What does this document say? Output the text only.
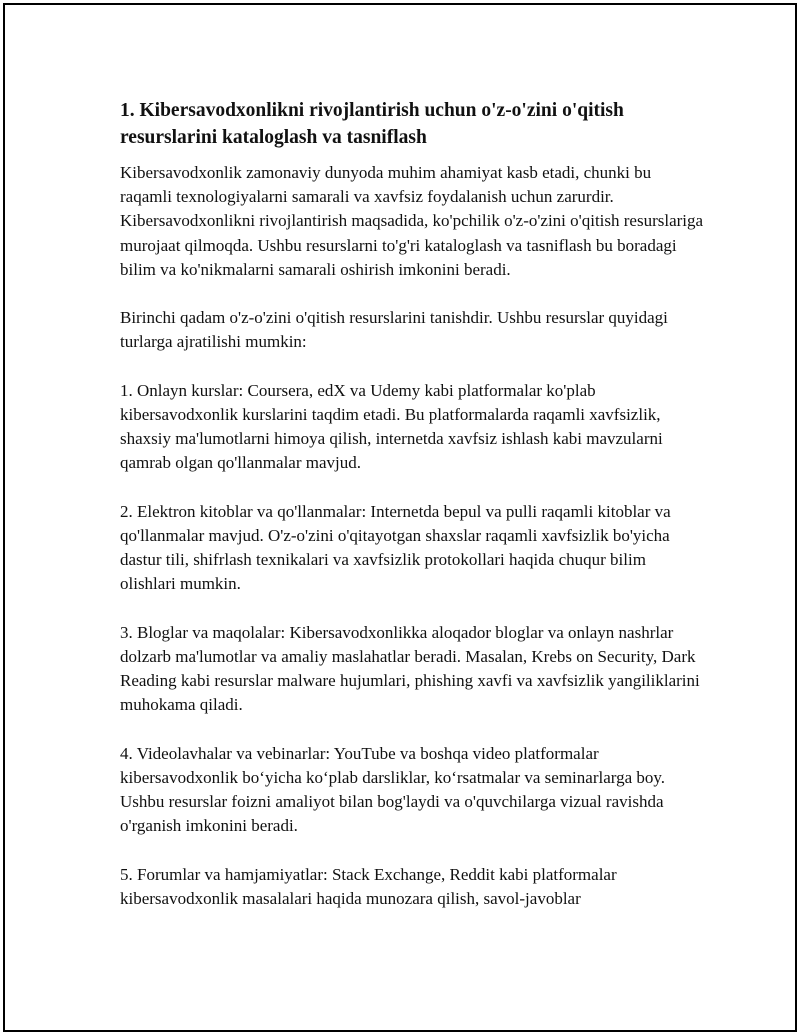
1. Kibersavodxonlikni rivojlantirish uchun o'z-o'zini o'qitish resurslarini kataloglash va tasniflash

Kibersavodxonlik zamonaviy dunyoda muhim ahamiyat kasb etadi, chunki bu raqamli texnologiyalarni samarali va xavfsiz foydalanish uchun zarurdir. Kibersavodxonlikni rivojlantirish maqsadida, ko'pchilik o'z-o'zini o'qitish resurslariga murojaat qilmoqda. Ushbu resurslarni to'g'ri kataloglash va tasniflash bu boradagi bilim va ko'nikmalarni samarali oshirish imkonini beradi.

Birinchi qadam o'z-o'zini o'qitish resurslarini tanishdir. Ushbu resurslar quyidagi turlarga ajratilishi mumkin:

1. Onlayn kurslar: Coursera, edX va Udemy kabi platformalar ko'plab kibersavodxonlik kurslarini taqdim etadi. Bu platformalarda raqamli xavfsizlik, shaxsiy ma'lumotlarni himoya qilish, internetda xavfsiz ishlash kabi mavzularni qamrab olgan qo'llanmalar mavjud.

2. Elektron kitoblar va qo'llanmalar: Internetda bepul va pulli raqamli kitoblar va qo'llanmalar mavjud. O'z-o'zini o'qitayotgan shaxslar raqamli xavfsizlik bo'yicha dastur tili, shifrlash texnikalari va xavfsizlik protokollari haqida chuqur bilim olishlari mumkin.

3. Bloglar va maqolalar: Kibersavodxonlikka aloqador bloglar va onlayn nashrlar dolzarb ma'lumotlar va amaliy maslahatlar beradi. Masalan, Krebs on Security, Dark Reading kabi resurslar malware hujumlari, phishing xavfi va xavfsizlik yangiliklarini muhokama qiladi.

4. Videolavhalar va vebinarlar: YouTube va boshqa video platformalar kibersavodxonlik bo‘yicha ko‘plab darsliklar, ko‘rsatmalar va seminarlarga boy. Ushbu resurslar foizni amaliyot bilan bog'laydi va o'quvchilarga vizual ravishda o'rganish imkonini beradi.

5. Forumlar va hamjamiyatlar: Stack Exchange, Reddit kabi platformalar kibersavodxonlik masalalari haqida munozara qilish, savol-javoblar
